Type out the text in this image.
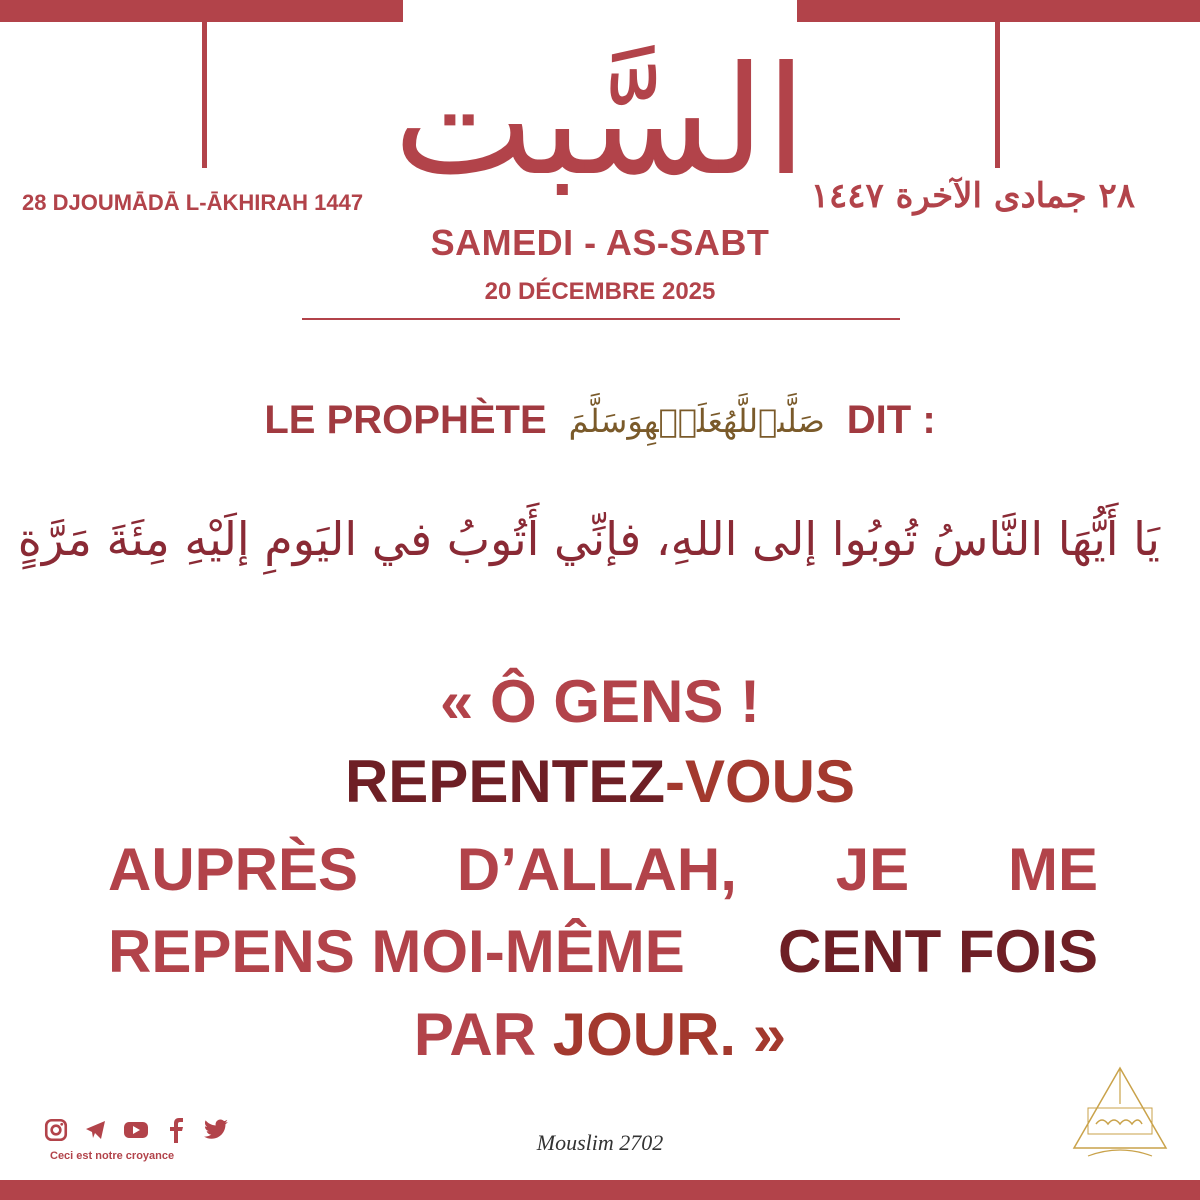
السَّبت
28 DJOUMĀDĀ L-ĀKHIRAH 1447	٢٨ جمادى الآخرة ١٤٤٧
SAMEDI - AS-SABT
20 DÉCEMBRE 2025
LE PROPHÈTE صَلَّىٱللَّهُعَلَيۡهِوَسَلَّمَ DIT :
يَا أَيُّهَا النَّاسُ تُوبُوا إلى اللهِ، فإنِّي أَتُوبُ في اليَومِ إلَيْهِ مِئَةَ مَرَّةٍ
« Ô GENS !
REPENTEZ-VOUS
AUPRÈS D’ALLAH, JE ME
REPENS MOI-MÊME CENT FOIS
PAR JOUR. »
Ceci est notre croyance
Mouslim 2702
